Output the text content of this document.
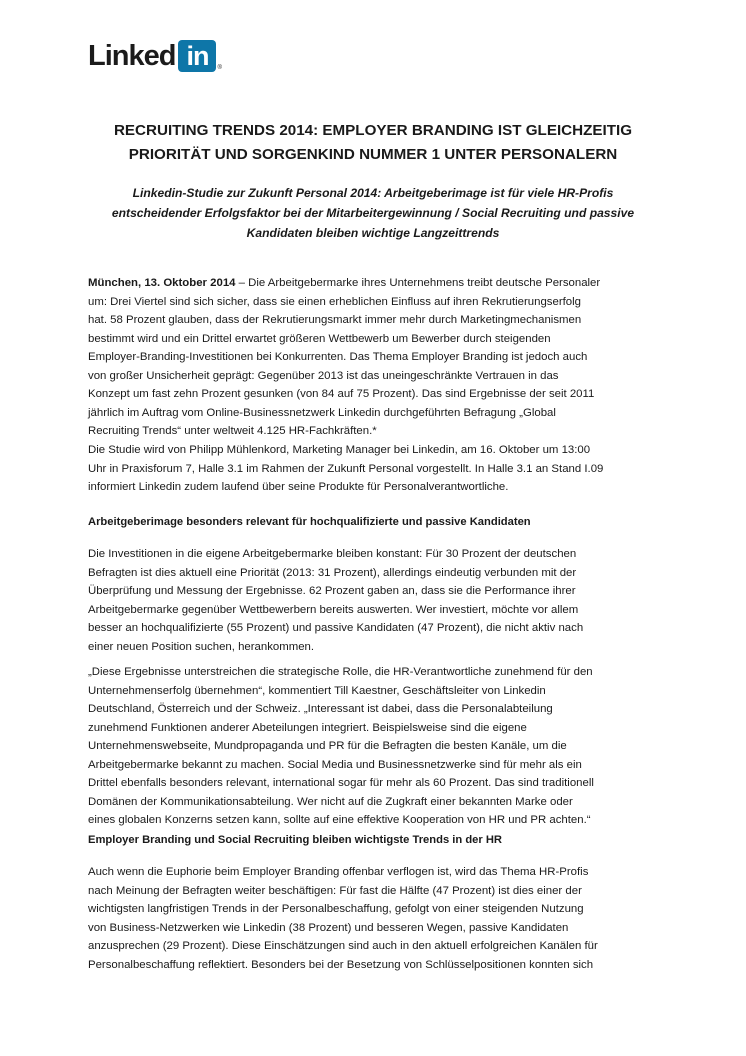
Linked in	®
RECRUITING TRENDS 2014: EMPLOYER BRANDING IST GLEICHZEITIG
PRIORITÄT UND SORGENKIND NUMMER 1 UNTER PERSONALERN
Linkedin-Studie zur Zukunft Personal 2014: Arbeitgeberimage ist für viele HR-Profis
entscheidender Erfolgsfaktor bei der Mitarbeitergewinnung / Social Recruiting und passive
Kandidaten bleiben wichtige Langzeittrends
München, 13. Oktober 2014 – Die Arbeitgebermarke ihres Unternehmens treibt deutsche Personaler
um: Drei Viertel sind sich sicher, dass sie einen erheblichen Einfluss auf ihren Rekrutierungserfolg
hat. 58 Prozent glauben, dass der Rekrutierungsmarkt immer mehr durch Marketingmechanismen
bestimmt wird und ein Drittel erwartet größeren Wettbewerb um Bewerber durch steigenden
Employer-Branding-Investitionen bei Konkurrenten. Das Thema Employer Branding ist jedoch auch
von großer Unsicherheit geprägt: Gegenüber 2013 ist das uneingeschränkte Vertrauen in das
Konzept um fast zehn Prozent gesunken (von 84 auf 75 Prozent). Das sind Ergebnisse der seit 2011
jährlich im Auftrag vom Online-Businessnetzwerk Linkedin durchgeführten Befragung „Global
Recruiting Trends“ unter weltweit 4.125 HR-Fachkräften.*
Die Studie wird von Philipp Mühlenkord, Marketing Manager bei Linkedin, am 16. Oktober um 13:00
Uhr in Praxisforum 7, Halle 3.1 im Rahmen der Zukunft Personal vorgestellt. In Halle 3.1 an Stand I.09
informiert Linkedin zudem laufend über seine Produkte für Personalverantwortliche.
Arbeitgeberimage besonders relevant für hochqualifizierte und passive Kandidaten
Die Investitionen in die eigene Arbeitgebermarke bleiben konstant: Für 30 Prozent der deutschen
Befragten ist dies aktuell eine Priorität (2013: 31 Prozent), allerdings eindeutig verbunden mit der
Überprüfung und Messung der Ergebnisse. 62 Prozent gaben an, dass sie die Performance ihrer
Arbeitgebermarke gegenüber Wettbewerbern bereits auswerten. Wer investiert, möchte vor allem
besser an hochqualifizierte (55 Prozent) und passive Kandidaten (47 Prozent), die nicht aktiv nach
einer neuen Position suchen, herankommen.
„Diese Ergebnisse unterstreichen die strategische Rolle, die HR-Verantwortliche zunehmend für den
Unternehmenserfolg übernehmen“, kommentiert Till Kaestner, Geschäftsleiter von Linkedin
Deutschland, Österreich und der Schweiz. „Interessant ist dabei, dass die Personalabteilung
zunehmend Funktionen anderer Abeteilungen integriert. Beispielsweise sind die eigene
Unternehmenswebseite, Mundpropaganda und PR für die Befragten die besten Kanäle, um die
Arbeitgebermarke bekannt zu machen. Social Media und Businessnetzwerke sind für mehr als ein
Drittel ebenfalls besonders relevant, international sogar für mehr als 60 Prozent. Das sind traditionell
Domänen der Kommunikationsabteilung. Wer nicht auf die Zugkraft einer bekannten Marke oder
eines globalen Konzerns setzen kann, sollte auf eine effektive Kooperation von HR und PR achten.“
Employer Branding und Social Recruiting bleiben wichtigste Trends in der HR
Auch wenn die Euphorie beim Employer Branding offenbar verflogen ist, wird das Thema HR-Profis
nach Meinung der Befragten weiter beschäftigen: Für fast die Hälfte (47 Prozent) ist dies einer der
wichtigsten langfristigen Trends in der Personalbeschaffung, gefolgt von einer steigenden Nutzung
von Business-Netzwerken wie Linkedin (38 Prozent) und besseren Wegen, passive Kandidaten
anzusprechen (29 Prozent). Diese Einschätzungen sind auch in den aktuell erfolgreichen Kanälen für
Personalbeschaffung reflektiert. Besonders bei der Besetzung von Schlüsselpositionen konnten sich
